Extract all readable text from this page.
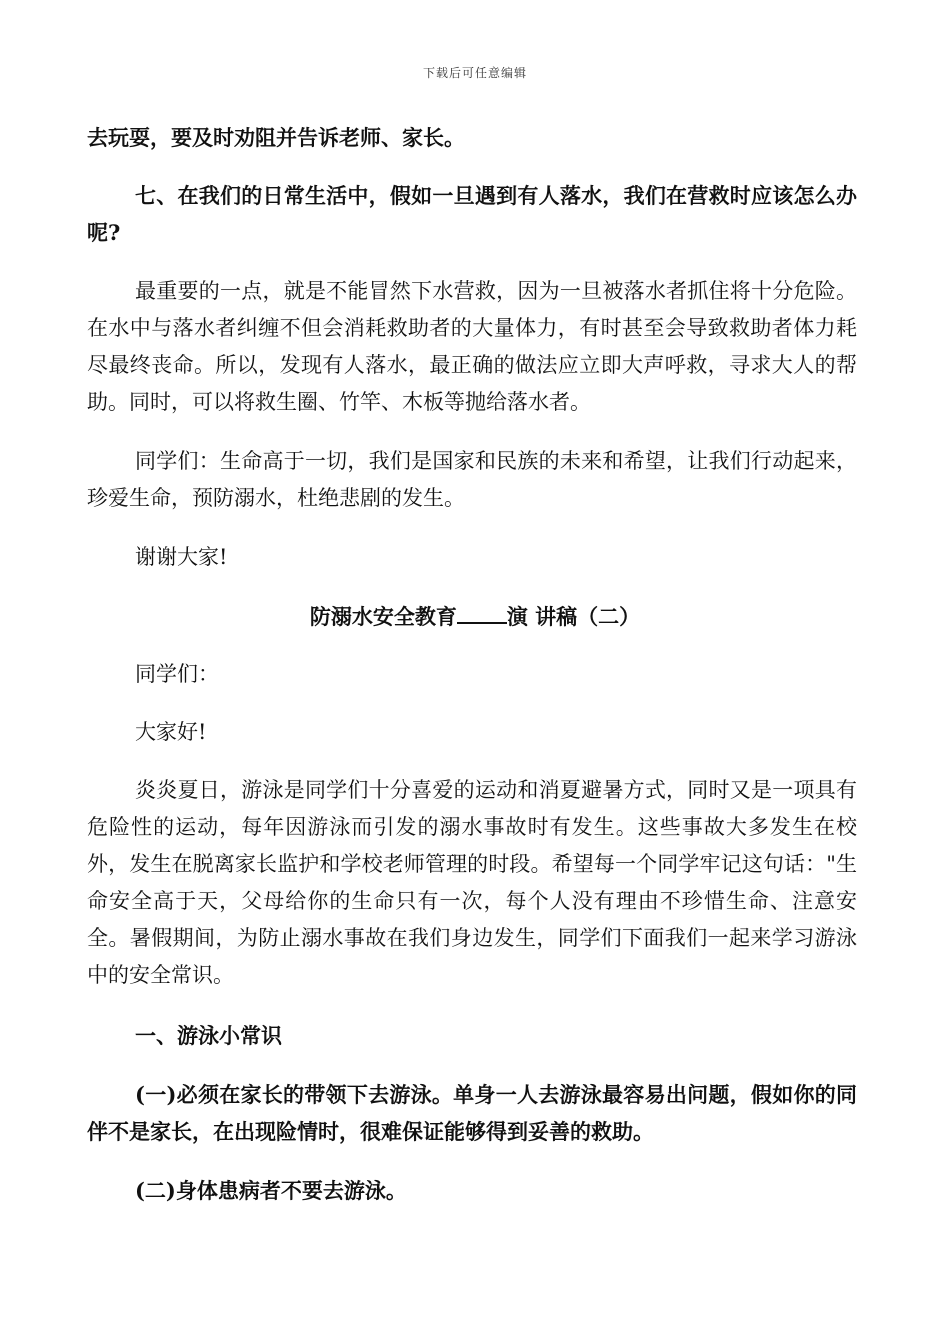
下载后可任意编辑

去玩耍，要及时劝阻并告诉老师、家长。

七、在我们的日常生活中，假如一旦遇到有人落水，我们在营救时应该怎么办呢?

最重要的一点，就是不能冒然下水营救，因为一旦被落水者抓住将十分危险。在水中与落水者纠缠不但会消耗救助者的大量体力，有时甚至会导致救助者体力耗尽最终丧命。所以，发现有人落水，最正确的做法应立即大声呼救，寻求大人的帮助。同时，可以将救生圈、竹竿、木板等抛给落水者。

同学们：生命高于一切，我们是国家和民族的未来和希望，让我们行动起来，珍爱生命，预防溺水，杜绝悲剧的发生。

谢谢大家!

防溺水安全教育 演 讲稿（二）

同学们：

大家好!

炎炎夏日，游泳是同学们十分喜爱的运动和消夏避暑方式，同时又是一项具有危险性的运动，每年因游泳而引发的溺水事故时有发生。这些事故大多发生在校外，发生在脱离家长监护和学校老师管理的时段。希望每一个同学牢记这句话："生命安全高于天，父母给你的生命只有一次，每个人没有理由不珍惜生命、注意安全。暑假期间，为防止溺水事故在我们身边发生，同学们下面我们一起来学习游泳中的安全常识。

一、游泳小常识

(一)必须在家长的带领下去游泳。单身一人去游泳最容易出问题，假如你的同伴不是家长，在出现险情时，很难保证能够得到妥善的救助。

(二)身体患病者不要去游泳。
